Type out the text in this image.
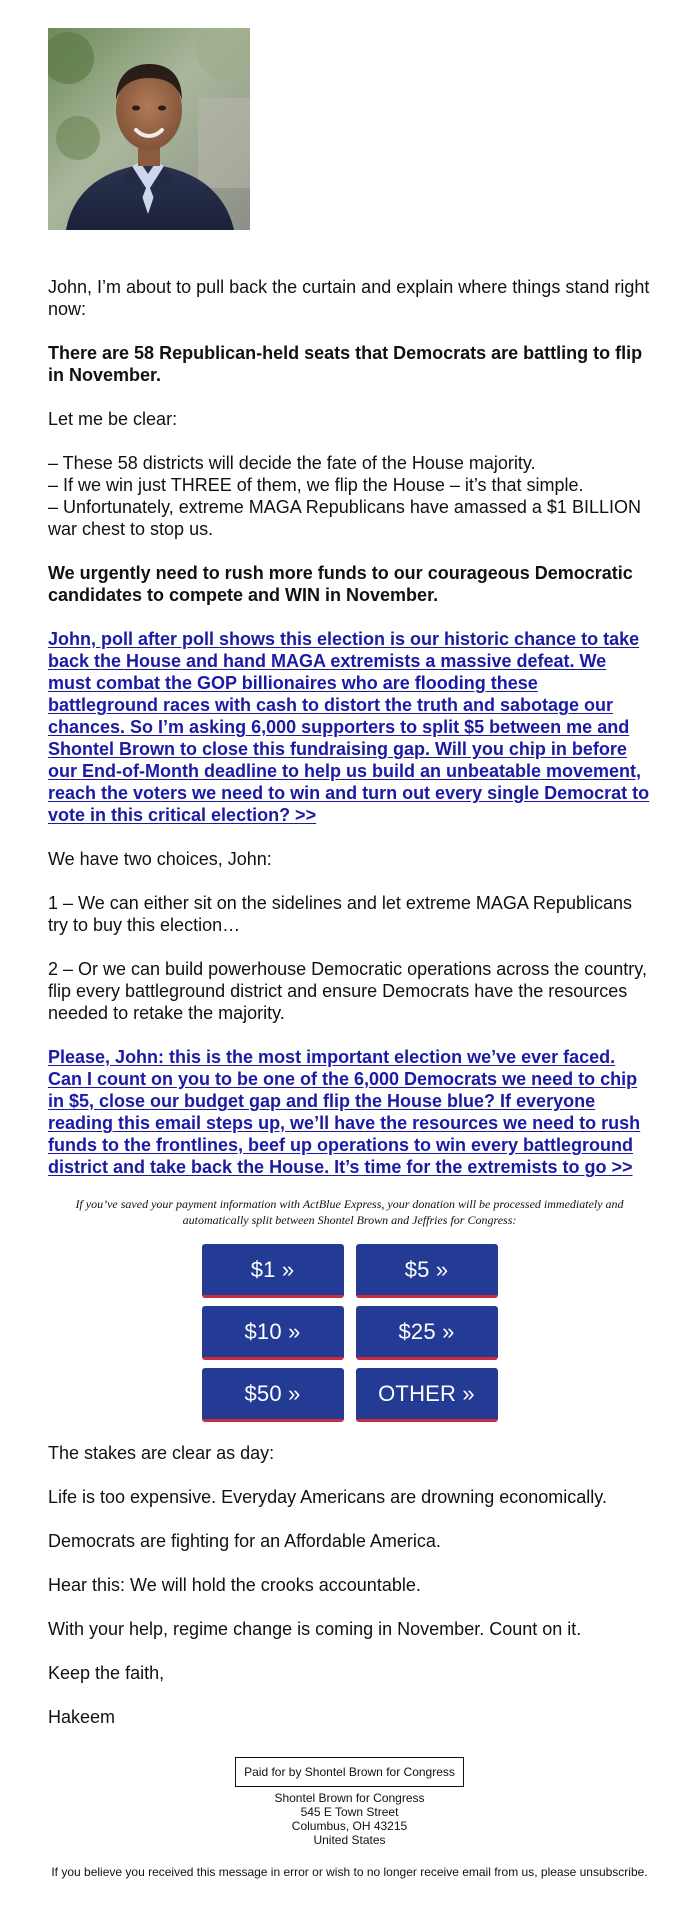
John, I’m about to pull back the curtain and explain where things stand right now:

There are 58 Republican-held seats that Democrats are battling to flip in November.

Let me be clear:

– These 58 districts will decide the fate of the House majority.

– If we win just THREE of them, we flip the House – it’s that simple.

– Unfortunately, extreme MAGA Republicans have amassed a $1 BILLION war chest to stop us.

We urgently need to rush more funds to our courageous Democratic candidates to compete and WIN in November.

John, poll after poll shows this election is our historic chance to take back the House and hand MAGA extremists a massive defeat. We must combat the GOP billionaires who are flooding these battleground races with cash to distort the truth and sabotage our chances. So I’m asking 6,000 supporters to split $5 between me and Shontel Brown to close this fundraising gap. Will you chip in before our End-of-Month deadline to help us build an unbeatable movement, reach the voters we need to win and turn out every single Democrat to vote in this critical election? >>

We have two choices, John:

1 – We can either sit on the sidelines and let extreme MAGA Republicans try to buy this election…

2 – Or we can build powerhouse Democratic operations across the country, flip every battleground district and ensure Democrats have the resources needed to retake the majority.

Please, John: this is the most important election we’ve ever faced. Can I count on you to be one of the 6,000 Democrats we need to chip in $5, close our budget gap and flip the House blue? If everyone reading this email steps up, we’ll have the resources we need to rush funds to the frontlines, beef up operations to win every battleground district and take back the House. It’s time for the extremists to go >>

If you’ve saved your payment information with ActBlue Express, your donation will be processed immediately and automatically split between Shontel Brown and Jeffries for Congress:

$1 »	$5 »
$10 »	$25 »
$50 »	OTHER »

The stakes are clear as day:

Life is too expensive. Everyday Americans are drowning economically.

Democrats are fighting for an Affordable America.

Hear this: We will hold the crooks accountable.

With your help, regime change is coming in November. Count on it.

Keep the faith,

Hakeem

Paid for by Shontel Brown for Congress

Shontel Brown for Congress

545 E Town Street

Columbus, OH 43215

United States

If you believe you received this message in error or wish to no longer receive email from us, please unsubscribe.
